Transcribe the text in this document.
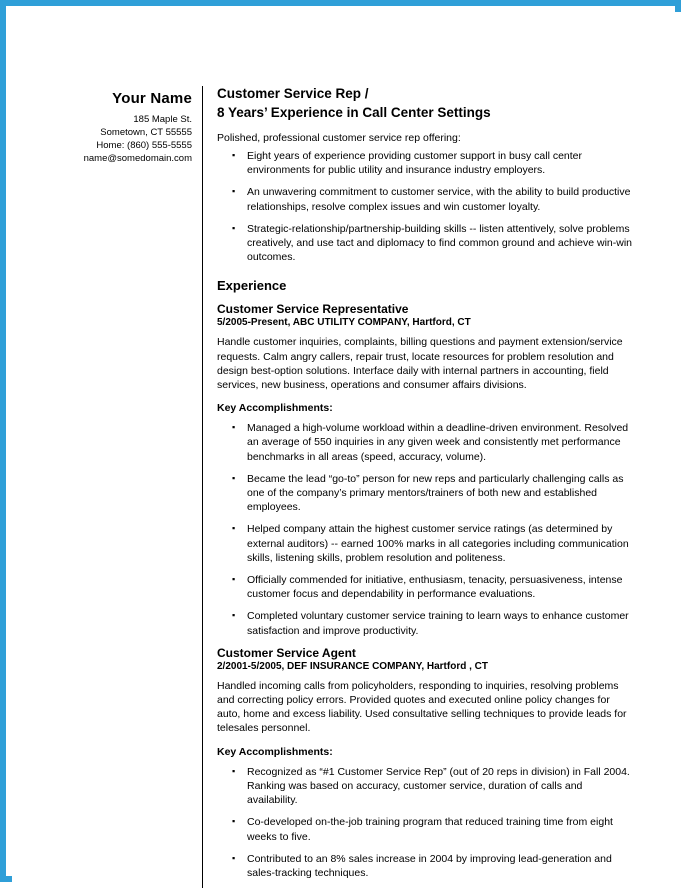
Your Name
185 Maple St.
Sometown, CT 55555
Home: (860) 555-5555
name@somedomain.com
Customer Service Rep /
8 Years’ Experience in Call Center Settings
Polished, professional customer service rep offering:
▪ Eight years of experience providing customer support in busy call center environments for public utility and insurance industry employers.
▪ An unwavering commitment to customer service, with the ability to build productive relationships, resolve complex issues and win customer loyalty.
▪ Strategic-relationship/partnership-building skills -- listen attentively, solve problems creatively, and use tact and diplomacy to find common ground and achieve win-win outcomes.
Experience
Customer Service Representative
5/2005-Present, ABC UTILITY COMPANY, Hartford, CT
Handle customer inquiries, complaints, billing questions and payment extension/service requests. Calm angry callers, repair trust, locate resources for problem resolution and design best-option solutions. Interface daily with internal partners in accounting, field services, new business, operations and consumer affairs divisions.
Key Accomplishments:
▪ Managed a high-volume workload within a deadline-driven environment. Resolved an average of 550 inquiries in any given week and consistently met performance benchmarks in all areas (speed, accuracy, volume).
▪ Became the lead “go-to” person for new reps and particularly challenging calls as one of the company’s primary mentors/trainers of both new and established employees.
▪ Helped company attain the highest customer service ratings (as determined by external auditors) -- earned 100% marks in all categories including communication skills, listening skills, problem resolution and politeness.
▪ Officially commended for initiative, enthusiasm, tenacity, persuasiveness, intense customer focus and dependability in performance evaluations.
▪ Completed voluntary customer service training to learn ways to enhance customer satisfaction and improve productivity.
Customer Service Agent
2/2001-5/2005, DEF INSURANCE COMPANY, Hartford , CT
Handled incoming calls from policyholders, responding to inquiries, resolving problems and correcting policy errors. Provided quotes and executed online policy changes for auto, home and excess liability. Used consultative selling techniques to provide leads for telesales personnel.
Key Accomplishments:
▪ Recognized as “#1 Customer Service Rep” (out of 20 reps in division) in Fall 2004. Ranking was based on accuracy, customer service, duration of calls and availability.
▪ Co-developed on-the-job training program that reduced training time from eight weeks to five.
▪ Contributed to an 8% sales increase in 2004 by improving lead-generation and sales-tracking techniques.
